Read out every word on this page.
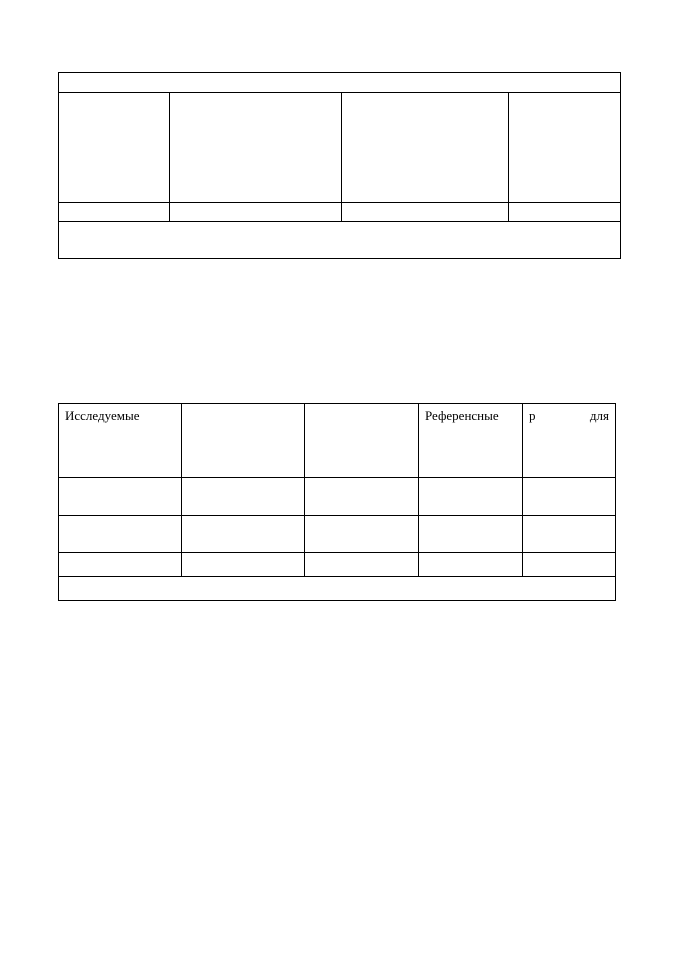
Исследуемые			Референсные	р для
